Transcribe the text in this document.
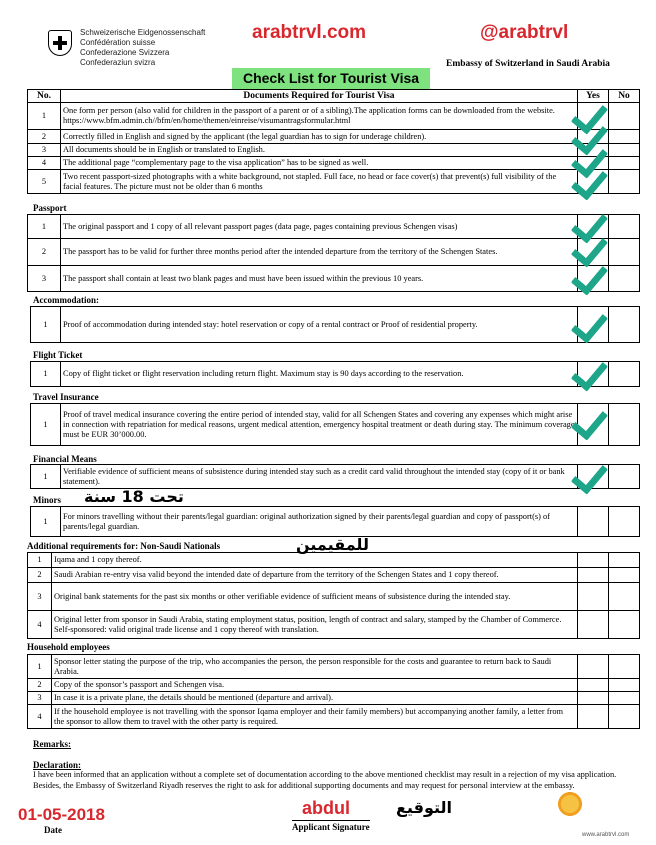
Schweizerische Eidgenossenschaft
Confédération suisse
Confederazione Svizzera
Confederaziun svizra
arabtrvl.com	@arabtrvl
Check List for Tourist Visa
Embassy of Switzerland in Saudi Arabia
No.	Documents Required for Tourist Visa	Yes	No
1	One form per person (also valid for children in the passport of a parent or of a sibling).The application forms can be downloaded from the website. https://www.bfm.admin.ch//bfm/en/home/themen/einreise/visumantragsformular.html		
2	Correctly filled in English and signed by the applicant (the legal guardian has to sign for underage children).		
3	All documents should be in English or translated to English.		
4	The additional page “complementary page to the visa application” has to be signed as well.		
5	Two recent passport-sized photographs with a white background, not stapled. Full face, no head or face cover(s) that prevent(s) full visibility of the facial features. The picture must not be older than 6 months		
Passport
1	The original passport and 1 copy of all relevant passport pages (data page, pages containing previous Schengen visas)		
2	The passport has to be valid for further three months period after the intended departure from the territory of the Schengen States.		
3	The passport shall contain at least two blank pages and must have been issued within the previous 10 years.		
Accommodation:
1	Proof of accommodation during intended stay: hotel reservation or copy of a rental contract or Proof of residential property.		
Flight Ticket
1	Copy of flight ticket or flight reservation including return flight. Maximum stay is 90 days according to the reservation.		
Travel Insurance
1	Proof of travel medical insurance covering the entire period of intended stay, valid for all Schengen States and covering any expenses which might arise in connection with repatriation for medical reasons, urgent medical attention, emergency hospital treatment or death during stay. The minimum coverage must be EUR 30’000.00.		
Financial Means
1	Verifiable evidence of sufficient means of subsistence during intended stay such as a credit card valid throughout the intended stay (copy of it or bank statement).		
Minors تحت 18 سنة
1	For minors travelling without their parents/legal guardian: original authorization signed by their parents/legal guardian and copy of passport(s) of parents/legal guardian.		
Additional requirements for: Non-Saudi Nationals	للمقيمين
1	Iqama and 1 copy thereof.		
2	Saudi Arabian re-entry visa valid beyond the intended date of departure from the territory of the Schengen States and 1 copy thereof.		
3	Original bank statements for the past six months or other verifiable evidence of sufficient means of subsistence during the intended stay.		
4	Original letter from sponsor in Saudi Arabia, stating employment status, position, length of contract and salary, stamped by the Chamber of Commerce. Self-sponsored: valid original trade license and 1 copy thereof with translation.		
Household employees
1	Sponsor letter stating the purpose of the trip, who accompanies the person, the person responsible for the costs and guarantee to return back to Saudi Arabia.		
2	Copy of the sponsor’s passport and Schengen visa.		
3	In case it is a private plane, the details should be mentioned (departure and arrival).		
4	If the household employee is not travelling with the sponsor Iqama employer and their family members) but accompanying another family, a letter from the sponsor to allow them to travel with the other party is required.		
Remarks:
Declaration:
I have been informed that an application without a complete set of documentation according to the above mentioned checklist may result in a rejection of my visa application. Besides, the Embassy of Switzerland Riyadh reserves the right to ask for additional supporting documents and may request for personal interview at the embassy.
01-05-2018
Date
abdul	التوقيع
Applicant Signature
www.arabtrvl.com
